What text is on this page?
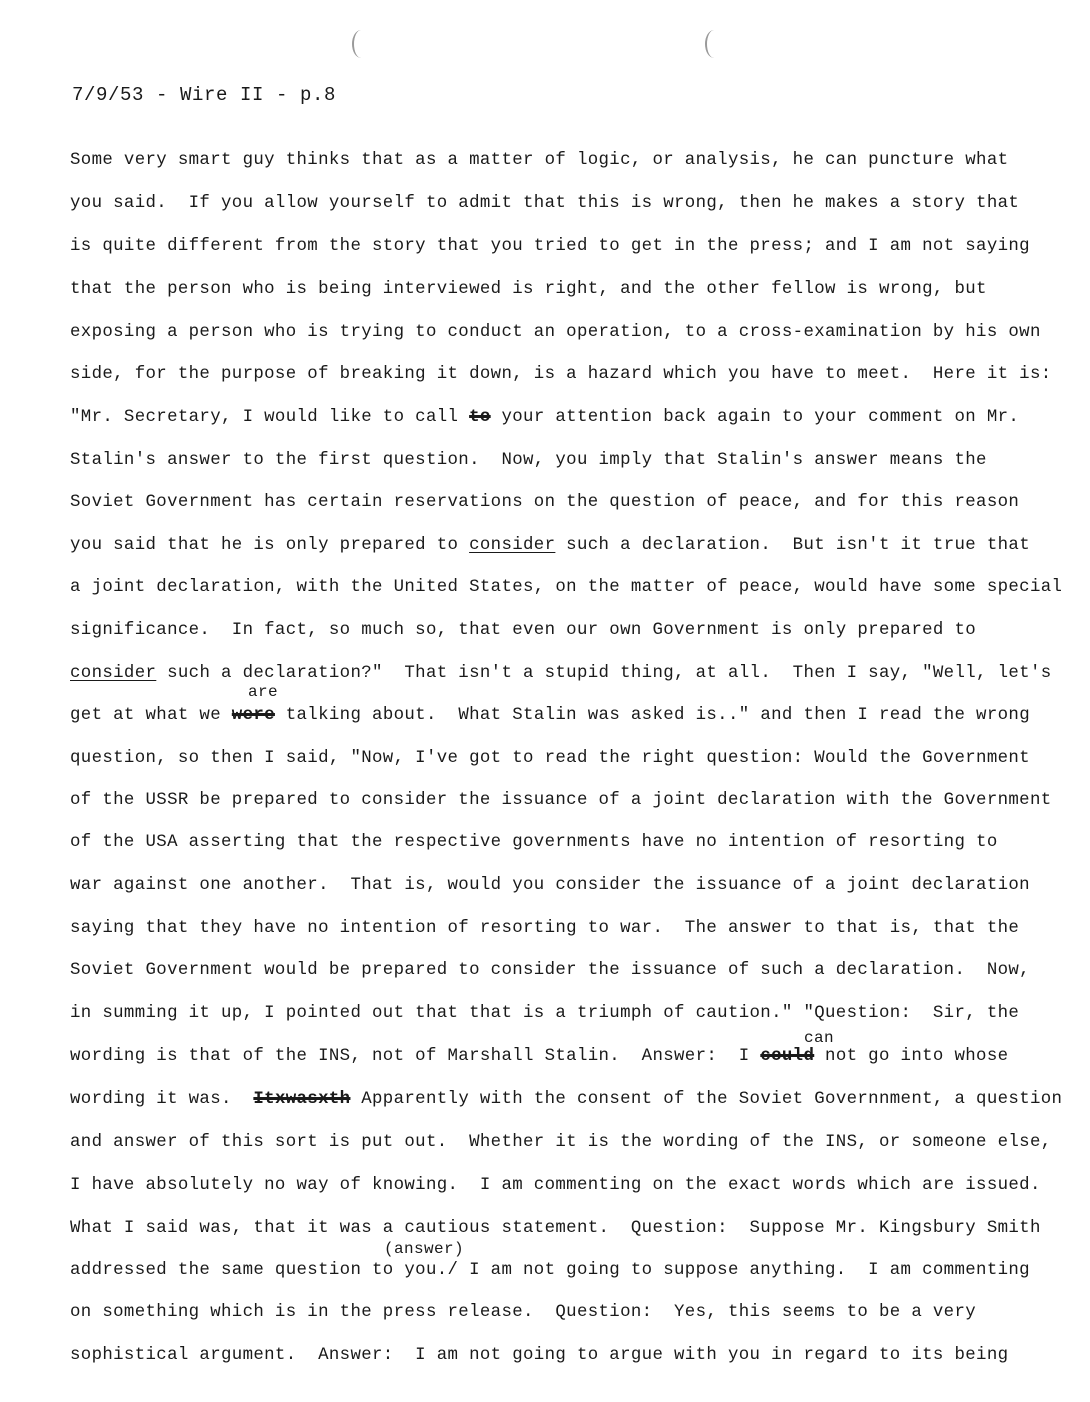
7/9/53 - Wire II - p.8
Some very smart guy thinks that as a matter of logic, or analysis, he can puncture what
you said.  If you allow yourself to admit that this is wrong, then he makes a story that
is quite different from the story that you tried to get in the press; and I am not saying
that the person who is being interviewed is right, and the other fellow is wrong, but
exposing a person who is trying to conduct an operation, to a cross-examination by his own
side, for the purpose of breaking it down, is a hazard which you have to meet.  Here it is:
"Mr. Secretary, I would like to call to your attention back again to your comment on Mr.
Stalin's answer to the first question.  Now, you imply that Stalin's answer means the
Soviet Government has certain reservations on the question of peace, and for this reason
you said that he is only prepared to consider such a declaration.  But isn't it true that
a joint declaration, with the United States, on the matter of peace, would have some special
significance.  In fact, so much so, that even our own Government is only prepared to
consider such a declaration?"  That isn't a stupid thing, at all.  Then I say, "Well, let's
get at what we were talking about.  What Stalin was asked is.." and then I read the wrong
question, so then I said, "Now, I've got to read the right question: Would the Government
of the USSR be prepared to consider the issuance of a joint declaration with the Government
of the USA asserting that the respective governments have no intention of resorting to
war against one another.  That is, would you consider the issuance of a joint declaration
saying that they have no intention of resorting to war.  The answer to that is, that the
Soviet Government would be prepared to consider the issuance of such a declaration.  Now,
in summing it up, I pointed out that that is a triumph of caution." "Question:  Sir, the
wording is that of the INS, not of Marshall Stalin.  Answer:  I could not go into whose
wording it was.  Itxwasxth Apparently with the consent of the Soviet Governnment, a question
and answer of this sort is put out.  Whether it is the wording of the INS, or someone else,
I have absolutely no way of knowing.  I am commenting on the exact words which are issued.
What I said was, that it was a cautious statement.  Question:  Suppose Mr. Kingsbury Smith
addressed the same question to you./ I am not going to suppose anything.  I am commenting
on something which is in the press release.  Question:  Yes, this seems to be a very
sophistical argument.  Answer:  I am not going to argue with you in regard to its being
are
can
(answer)
